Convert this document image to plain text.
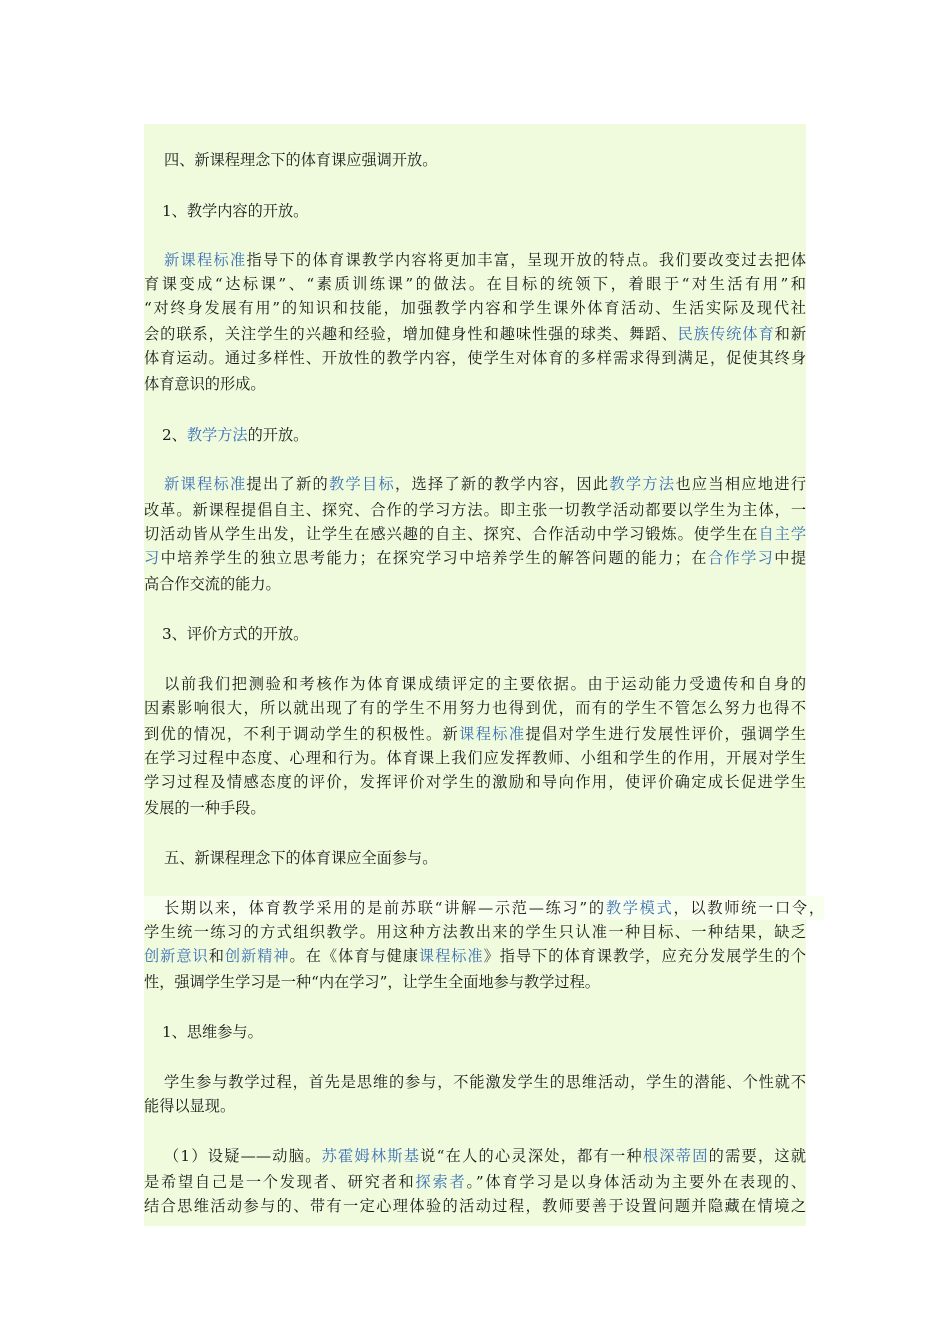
四、新课程理念下的体育课应强调开放。
1、教学内容的开放。
新课程标准指导下的体育课教学内容将更加丰富，呈现开放的特点。我们要改变过去把体
育课变成“达标课”、“素质训练课”的做法。在目标的统领下，着眼于“对生活有用”和
“对终身发展有用”的知识和技能，加强教学内容和学生课外体育活动、生活实际及现代社
会的联系，关注学生的兴趣和经验，增加健身性和趣味性强的球类、舞蹈、民族传统体育和新
体育运动。通过多样性、开放性的教学内容，使学生对体育的多样需求得到满足，促使其终身
体育意识的形成。
2、教学方法的开放。
新课程标准提出了新的教学目标，选择了新的教学内容，因此教学方法也应当相应地进行
改革。新课程提倡自主、探究、合作的学习方法。即主张一切教学活动都要以学生为主体，一
切活动皆从学生出发，让学生在感兴趣的自主、探究、合作活动中学习锻炼。使学生在自主学
习中培养学生的独立思考能力；在探究学习中培养学生的解答问题的能力；在合作学习中提
高合作交流的能力。
3、评价方式的开放。
以前我们把测验和考核作为体育课成绩评定的主要依据。由于运动能力受遗传和自身的
因素影响很大，所以就出现了有的学生不用努力也得到优，而有的学生不管怎么努力也得不
到优的情况，不利于调动学生的积极性。新课程标准提倡对学生进行发展性评价，强调学生
在学习过程中态度、心理和行为。体育课上我们应发挥教师、小组和学生的作用，开展对学生
学习过程及情感态度的评价，发挥评价对学生的激励和导向作用，使评价确定成长促进学生
发展的一种手段。
五、新课程理念下的体育课应全面参与。
长期以来，体育教学采用的是前苏联“讲解—示范—练习”的教学模式，以教师统一口令，
学生统一练习的方式组织教学。用这种方法教出来的学生只认准一种目标、一种结果，缺乏
创新意识和创新精神。在《体育与健康课程标准》指导下的体育课教学，应充分发展学生的个
性，强调学生学习是一种“内在学习”，让学生全面地参与教学过程。
1、思维参与。
学生参与教学过程，首先是思维的参与，不能激发学生的思维活动，学生的潜能、个性就不
能得以显现。
（1）设疑——动脑。苏霍姆林斯基说“在人的心灵深处，都有一种根深蒂固的需要，这就
是希望自己是一个发现者、研究者和探索者。”体育学习是以身体活动为主要外在表现的、
结合思维活动参与的、带有一定心理体验的活动过程，教师要善于设置问题并隐藏在情境之
